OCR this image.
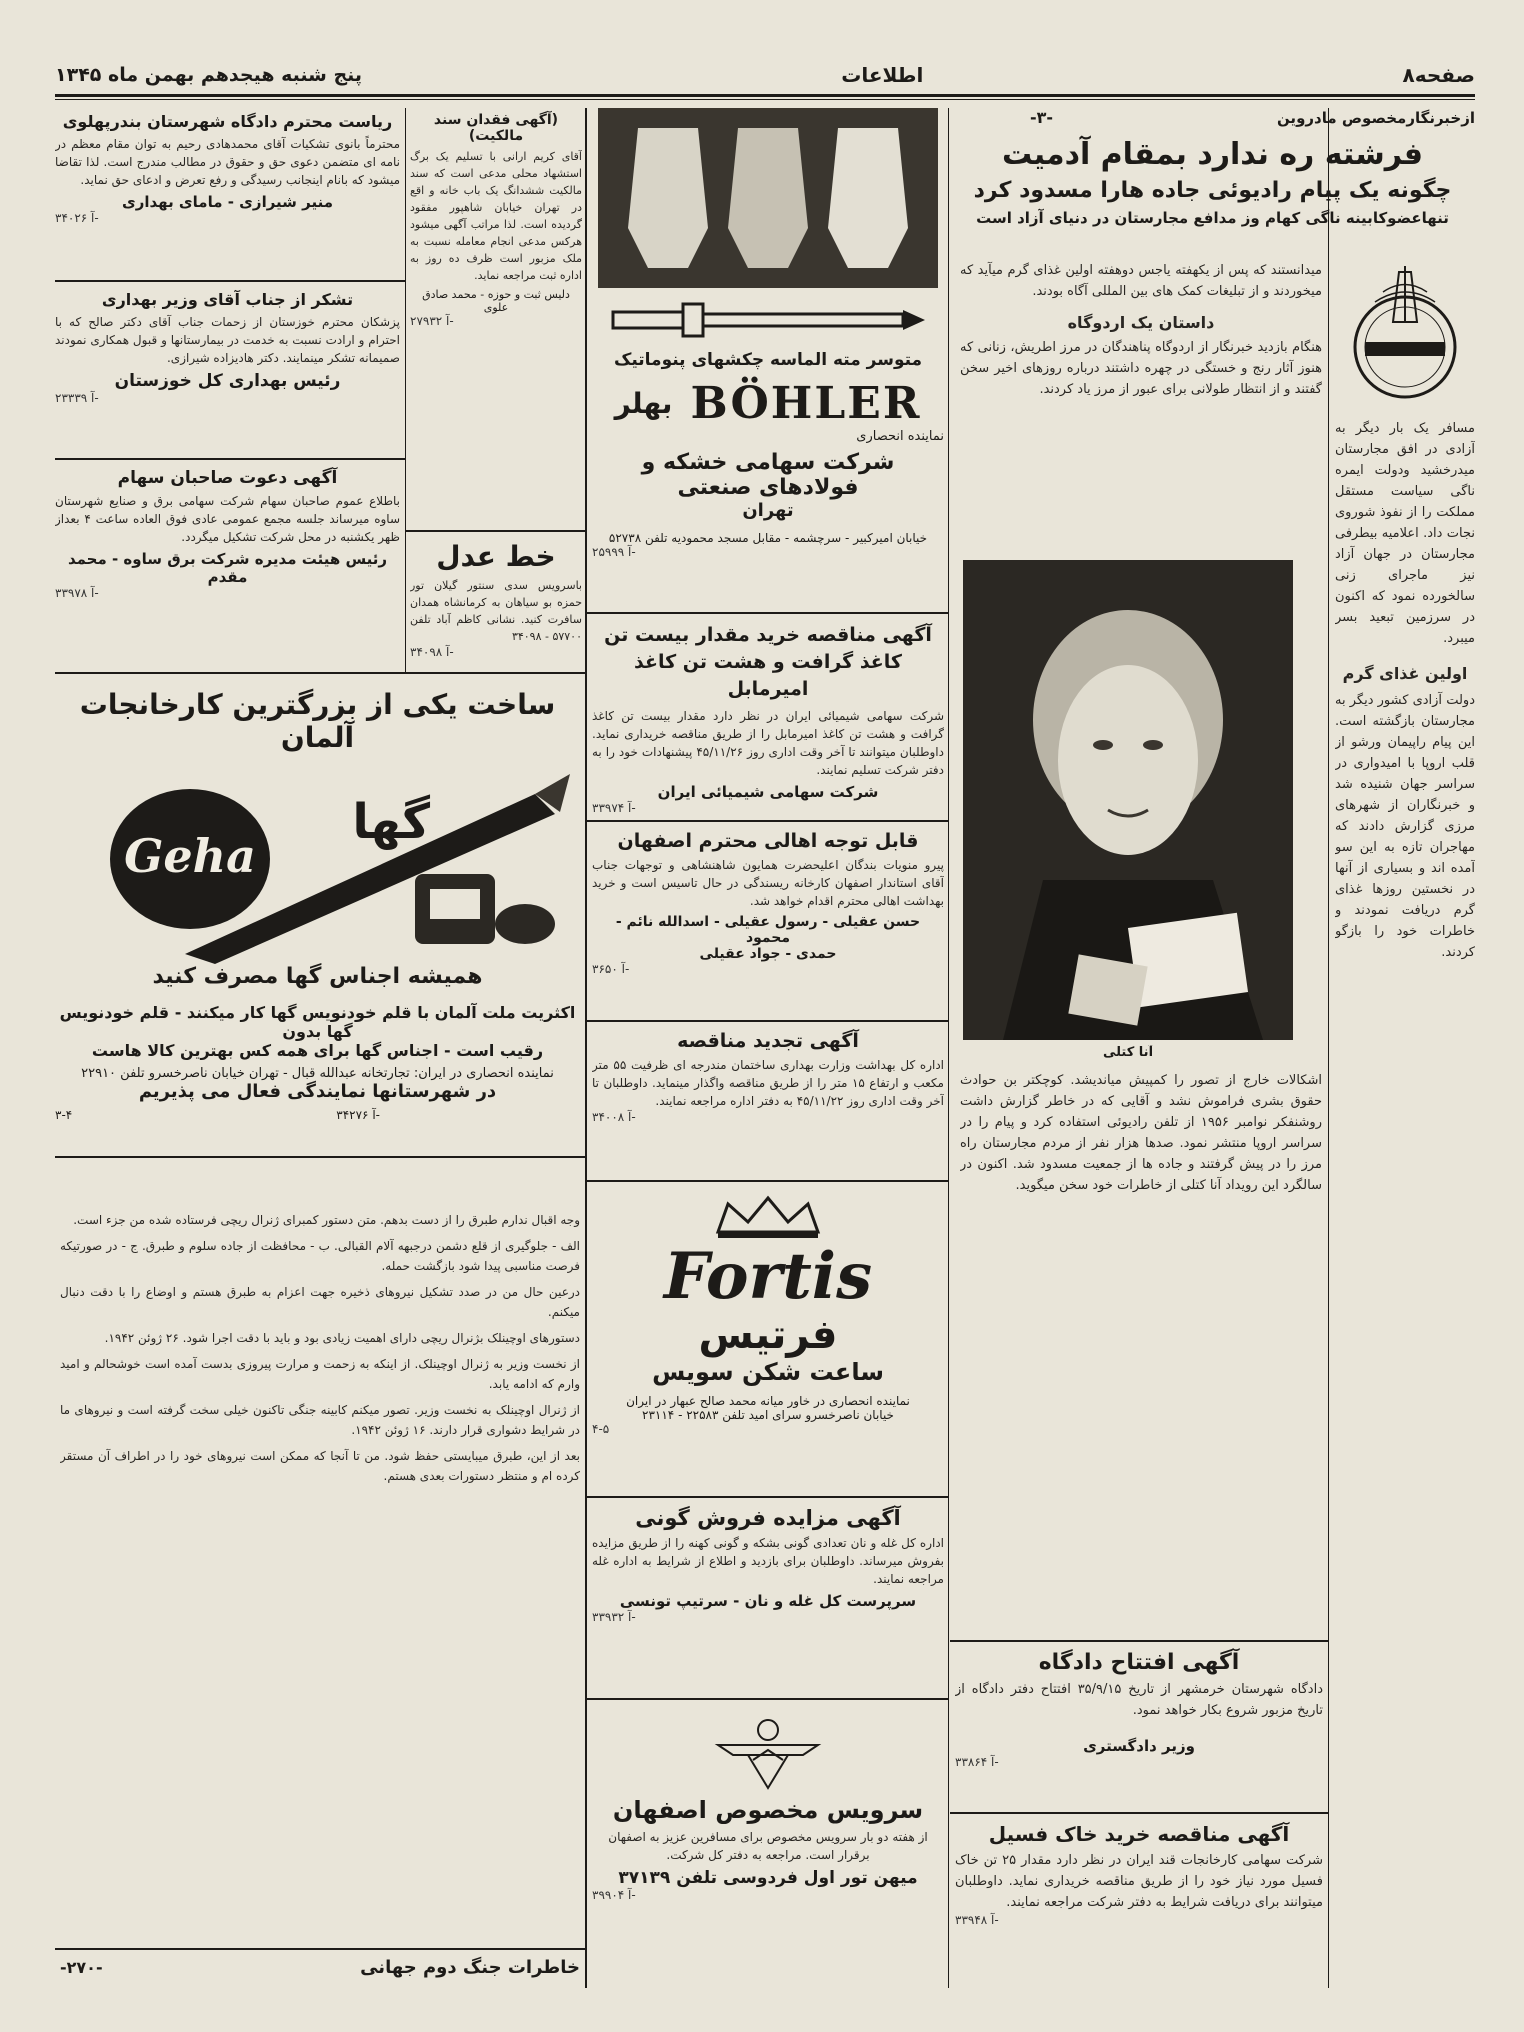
پنج شنبه هیجدهم بهمن ماه ۱۳۴۵	اطلاعات	صفحه۸
ازخبرنگارمخصوص مادروین
-۳-
فرشته ره ندارد بمقام آدمیت
چگونه یک پیام رادیوئی جاده هارا مسدود کرد
تنهاعضوکابینه ناگی کهام وز مدافع مجارستان در دنیای آزاد است

مسافر یک بار دیگر به آزادی در افق مجارستان میدرخشید ودولت ایمره ناگی سیاست مستقل مملکت را از نفوذ شوروی نجات داد. اعلامیه بیطرفی مجارستان در جهان آزاد نیز ماجرای زنی سالخورده نمود که اکنون در سرزمین تبعید بسر میبرد.

اولین غذای گرم

دولت آزادی کشور دیگر به مجارستان بازگشته است. این پیام راپیمان ورشو از قلب اروپا با امیدواری در سراسر جهان شنیده شد و خبرنگاران از شهرهای مرزی گزارش دادند که مهاجران تازه به این سو آمده اند و بسیاری از آنها در نخستین روزها غذای گرم دریافت نمودند و خاطرات خود را بازگو کردند.

میدانستند که پس از یکهفته یاجس دوهفته اولین غذای گرم میآید که میخوردند و از تبلیغات کمک های بین المللی آگاه بودند.

داستان یک اردوگاه

هنگام بازدید خبرنگار از اردوگاه پناهندگان در مرز اطریش، زنانی که هنوز آثار رنج و خستگی در چهره داشتند درباره روزهای اخیر سخن گفتند و از انتظار طولانی برای عبور از مرز یاد کردند.

آنا کتلی

اشکالات خارج از تصور را کمپیش میاندیشد. کوچکتر بن حوادث حقوق بشری فراموش نشد و آقایی که در خاطر گزارش داشت روشنفکر نوامبر ۱۹۵۶ از تلفن رادیوئی استفاده کرد و پیام را در سراسر اروپا منتشر نمود. صدها هزار نفر از مردم مجارستان راه مرز را در پیش گرفتند و جاده ها از جمعیت مسدود شد. اکنون در سالگرد این رویداد آنا کتلی از خاطرات خود سخن میگوید.

آگهی افتتاح دادگاه
دادگاه شهرستان خرمشهر از تاریخ ۳۵/۹/۱۵ افتتاح دفتر دادگاه از تاریخ مزبور شروع بکار خواهد نمود.
وزیر دادگستری
۳۳۸۶۴ آ-
آگهی مناقصه خرید خاک فسیل
شرکت سهامی کارخانجات قند ایران در نظر دارد مقدار ۲۵ تن خاک فسیل مورد نیاز خود را از طریق مناقصه خریداری نماید. داوطلبان میتوانند برای دریافت شرایط به دفتر شرکت مراجعه نمایند.
۳۳۹۴۸ آ-
متوسر مته الماسه چکشهای پنوماتیک
BÖHLER
بهلر
نماینده انحصاری
شرکت سهامی خشکه و فولادهای صنعتی
تهران
خیابان امیرکبیر - سرچشمه - مقابل مسجد محمودیه تلفن ۵۲۷۳۸
۲۵۹۹۹ آ-
آگهی مناقصه خرید مقدار بیست تن کاغذ گرافت و هشت تن کاغذ امیرمابل
شرکت سهامی شیمیائی ایران در نظر دارد مقدار بیست تن کاغذ گرافت و هشت تن کاغذ امیرمابل را از طریق مناقصه خریداری نماید. داوطلبان میتوانند تا آخر وقت اداری روز ۴۵/۱۱/۲۶ پیشنهادات خود را به دفتر شرکت تسلیم نمایند.
شرکت سهامی شیمیائی ایران
۳۳۹۷۴ آ-
قابل توجه اهالی محترم اصفهان
پیرو منویات بندگان اعلیحضرت همایون شاهنشاهی و توجهات جناب آقای استاندار اصفهان کارخانه ریسندگی در حال تاسیس است و خرید بهداشت اهالی محترم اقدام خواهد شد.
حسن عقیلی - رسول عقیلی - اسدالله نائم - محمود
حمدی - جواد عقیلی
۳۶۵۰ آ-
آگهی تجدید مناقصه
اداره کل بهداشت وزارت بهداری ساختمان مندرجه ای ظرفیت ۵۵ متر مکعب و ارتفاع ۱۵ متر را از طریق مناقصه واگذار مینماید. داوطلبان تا آخر وقت اداری روز ۴۵/۱۱/۲۲ به دفتر اداره مراجعه نمایند.
۳۴۰۰۸ آ-
Fortis
فرتیس
ساعت شکن سویس
نماینده انحصاری در خاور میانه محمد صالح عبهار در ایران
خیابان ناصرخسرو سرای امید تلفن ۲۲۵۸۳ - ۲۳۱۱۴
۴-۵
آگهی مزایده فروش گونی
اداره کل غله و نان تعدادی گونی بشکه و گونی کهنه را از طریق مزایده بفروش میرساند. داوطلبان برای بازدید و اطلاع از شرایط به اداره غله مراجعه نمایند.
سرپرست کل غله و نان - سرتیپ تونسی
۳۳۹۳۲ آ-
سرویس مخصوص اصفهان
از هفته دو بار سرویس مخصوص برای مسافرین عزیز به اصفهان برقرار است. مراجعه به دفتر کل شرکت.
میهن تور اول فردوسی تلفن ۳۷۱۳۹
۳۹۹۰۴ آ-
(آگهی فقدان سند مالکیت)
آقای کریم ارانی با تسلیم یک برگ استشهاد محلی مدعی است که سند مالکیت ششدانگ یک باب خانه و اقع در تهران خیابان شاهپور مفقود گردیده است. لذا مراتب آگهی میشود هرکس مدعی انجام معامله نسبت به ملک مزبور است ظرف ده روز به اداره ثبت مراجعه نماید.
دلیس ثبت و حوزه - محمد صادق علوی
۲۷۹۳۲ آ-
خط عدل
باسرویس سدی سنتور گیلان تور حمزه بو سیاهان به کرمانشاه همدان سافرت کنید. نشانی کاظم آباد تلفن ۵۷۷۰۰ - ۳۴۰۹۸
۳۴۰۹۸ آ-
ریاست محترم دادگاه شهرستان بندرپهلوی
محترماً بانوی تشکیات آقای محمدهادی رحیم به توان مقام معظم در نامه ای متضمن دعوی حق و حقوق در مطالب مندرج است. لذا تقاضا میشود که بانام اینجانب رسیدگی و رفع تعرض و ادعای حق نماید.
منیر شیرازی - مامای بهداری
۳۴۰۲۶ آ-
تشکر از جناب آقای وزیر بهداری
پزشکان محترم خوزستان از زحمات جناب آقای دکتر صالح که با احترام و ارادت نسبت به خدمت در بیمارستانها و قبول همکاری نمودند صمیمانه تشکر مینمایند. دکتر هادیزاده شیرازی.
رئیس بهداری کل خوزستان
۲۳۳۳۹ آ-
آگهی دعوت صاحبان سهام
باطلاع عموم صاحبان سهام شرکت سهامی برق و صنایع شهرستان ساوه میرساند جلسه مجمع عمومی عادی فوق العاده ساعت ۴ بعداز ظهر یکشنبه در محل شرکت تشکیل میگردد.
رئیس هیئت مدیره شرکت برق ساوه - محمد مقدم
۳۳۹۷۸ آ-
ساخت یکی از بزرگترین کارخانجات آلمان
Geha
گها
همیشه اجناس گها مصرف کنید
اکثریت ملت آلمان با قلم خودنویس گها کار میکنند - قلم خودنویس گها بدون
رقیب است - اجناس گها برای همه کس بهترین کالا هاست
نماینده انحصاری در ایران: تجارتخانه عبدالله قبال - تهران خیابان ناصرخسرو تلفن ۲۲۹۱۰
در شهرستانها نمایندگی فعال می پذیریم
۳-۴	۳۴۲۷۶ آ-

وجه اقبال ندارم طبرق را از دست بدهم. متن دستور کمبرای ژنرال ریچی فرستاده شده من جزء است.

الف - جلوگیری از قلع دشمن درجبهه آلام القبالی. ب - محافظت از جاده سلوم و طبرق. ج - در صورتیکه فرصت مناسبی پیدا شود بازگشت حمله.

درعین حال من در صدد تشکیل نیروهای ذخیره جهت اعزام به طبرق هستم و اوضاع را با دقت دنبال میکنم.

دستورهای اوچینلک بژنرال ریچی دارای اهمیت زیادی بود و باید با دقت اجرا شود. ۲۶ ژوئن ۱۹۴۲.

از نخست وزیر به ژنرال اوچینلک. از اینکه به زحمت و مرارت پیروزی بدست آمده است خوشحالم و امید وارم که ادامه یابد.

از ژنرال اوچینلک به نخست وزیر. تصور میکنم کابینه جنگی تاکنون خیلی سخت گرفته است و نیروهای ما در شرایط دشواری قرار دارند. ۱۶ ژوئن ۱۹۴۲.

بعد از این، طبرق میبایستی حفظ شود. من تا آنجا که ممکن است نیروهای خود را در اطراف آن مستقر کرده ام و منتظر دستورات بعدی هستم.

-۲۷۰-	خاطرات جنگ دوم جهانی
